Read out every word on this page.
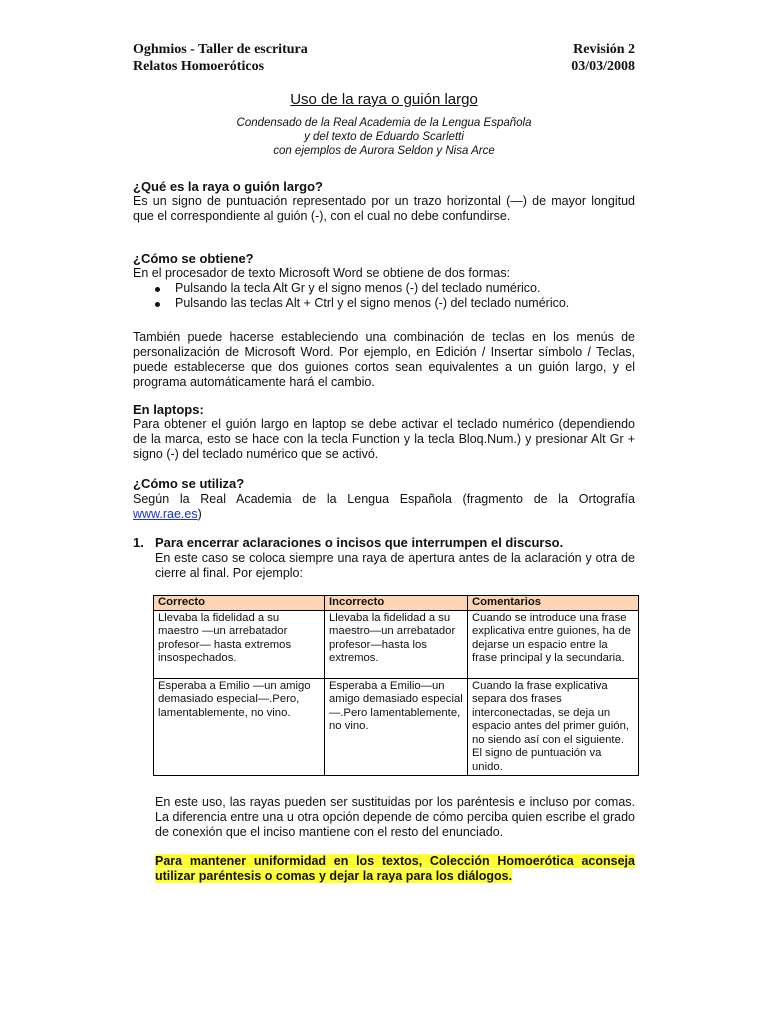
Oghmios - Taller de escritura
Relatos Homoeróticos
Revisión 2
03/03/2008
Uso de la raya o guión largo
Condensado de la Real Academia de la Lengua Española
y del texto de Eduardo Scarletti
con ejemplos de Aurora Seldon y Nisa Arce
¿Qué es la raya o guión largo?
Es un signo de puntuación representado por un trazo horizontal (—) de mayor longitud que el correspondiente al guión (-), con el cual no debe confundirse.
¿Cómo se obtiene?
En el procesador de texto Microsoft Word se obtiene de dos formas:
Pulsando la tecla Alt Gr y el signo menos (-) del teclado numérico.
Pulsando las teclas Alt + Ctrl y el signo menos (-) del teclado numérico.
También puede hacerse estableciendo una combinación de teclas en los menús de personalización de Microsoft Word. Por ejemplo, en Edición / Insertar símbolo / Teclas, puede establecerse que dos guiones cortos sean equivalentes a un guión largo, y el programa automáticamente hará el cambio.
En laptops:
Para obtener el guión largo en laptop se debe activar el teclado numérico (dependiendo de la marca, esto se hace con la tecla Function y la tecla Bloq.Num.) y presionar Alt Gr + signo (-) del teclado numérico que se activó.
¿Cómo se utiliza?
Según la Real Academia de la Lengua Española (fragmento de la Ortografía
www.rae.es)
1. Para encerrar aclaraciones o incisos que interrumpen el discurso.
En este caso se coloca siempre una raya de apertura antes de la aclaración y otra de cierre al final. Por ejemplo:
Correcto	Incorrecto	Comentarios
Llevaba la fidelidad a su maestro —un arrebatador profesor— hasta extremos insospechados.	Llevaba la fidelidad a su maestro—un arrebatador profesor—hasta los extremos.	Cuando se introduce una frase explicativa entre guiones, ha de dejarse un espacio entre la frase principal y la secundaria.
Esperaba a Emilio —un amigo demasiado especial—.Pero, lamentablemente, no vino.	Esperaba a Emilio—un amigo demasiado especial—.Pero lamentablemente, no vino.	Cuando la frase explicativa separa dos frases interconectadas, se deja un espacio antes del primer guión, no siendo así con el siguiente. El signo de puntuación va unido.
En este uso, las rayas pueden ser sustituidas por los paréntesis e incluso por comas. La diferencia entre una u otra opción depende de cómo perciba quien escribe el grado de conexión que el inciso mantiene con el resto del enunciado.
Para mantener uniformidad en los textos, Colección Homoerótica aconseja utilizar paréntesis o comas y dejar la raya para los diálogos.
